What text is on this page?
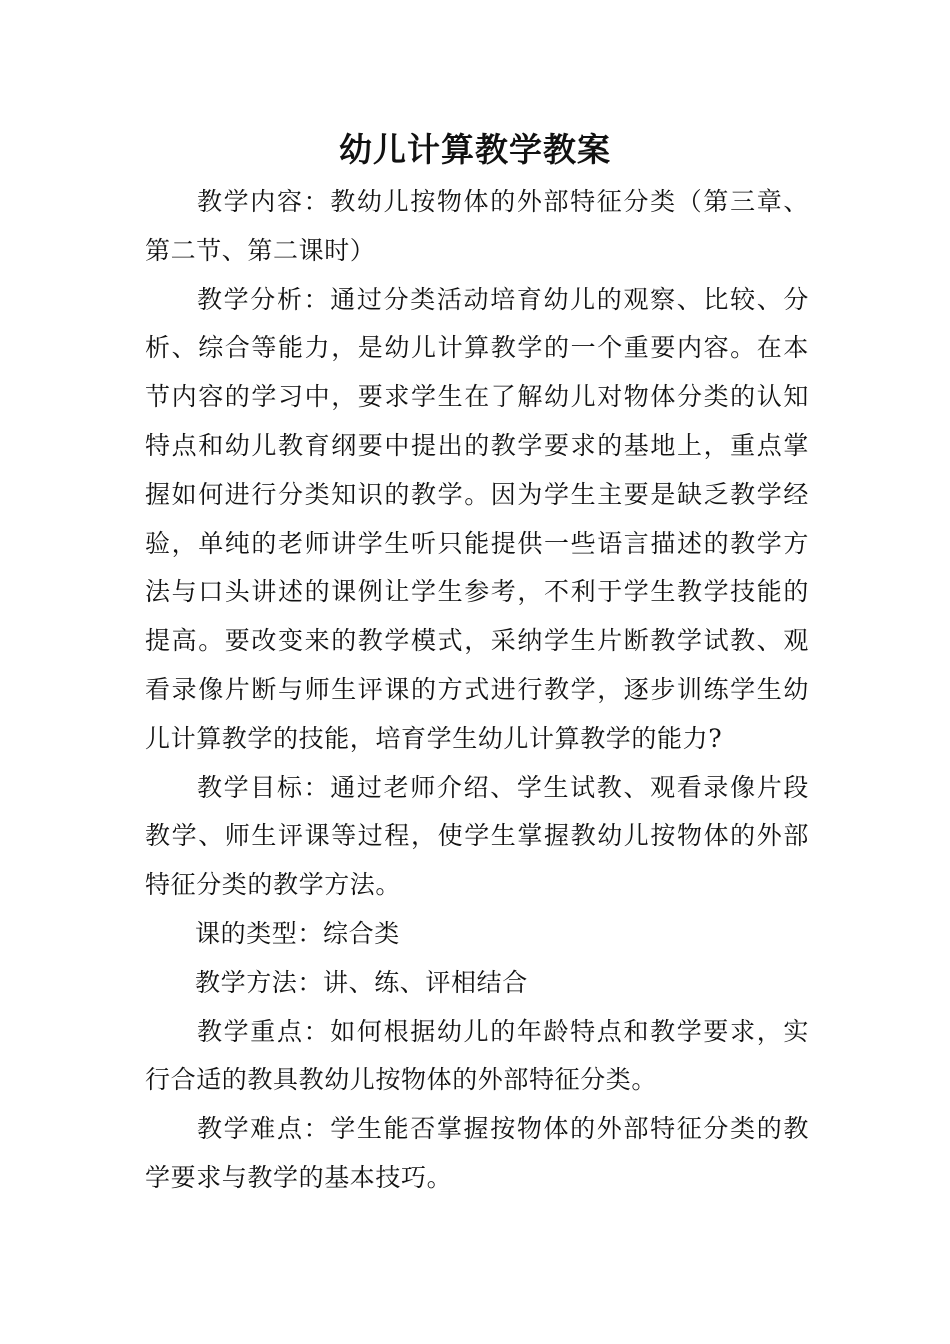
幼儿计算教学教案

教学内容：教幼儿按物体的外部特征分类（第三章、第二节、第二课时）

教学分析：通过分类活动培育幼儿的观察、比较、分析、综合等能力，是幼儿计算教学的一个重要内容。在本节内容的学习中，要求学生在了解幼儿对物体分类的认知特点和幼儿教育纲要中提出的教学要求的基地上，重点掌握如何进行分类知识的教学。因为学生主要是缺乏教学经验，单纯的老师讲学生听只能提供一些语言描述的教学方法与口头讲述的课例让学生参考，不利于学生教学技能的提高。要改变来的教学模式，采纳学生片断教学试教、观看录像片断与师生评课的方式进行教学，逐步训练学生幼儿计算教学的技能，培育学生幼儿计算教学的能力?

教学目标：通过老师介绍、学生试教、观看录像片段教学、师生评课等过程，使学生掌握教幼儿按物体的外部特征分类的教学方法。

课的类型：综合类

教学方法：讲、练、评相结合

教学重点：如何根据幼儿的年龄特点和教学要求，实行合适的教具教幼儿按物体的外部特征分类。

教学难点：学生能否掌握按物体的外部特征分类的教学要求与教学的基本技巧。
